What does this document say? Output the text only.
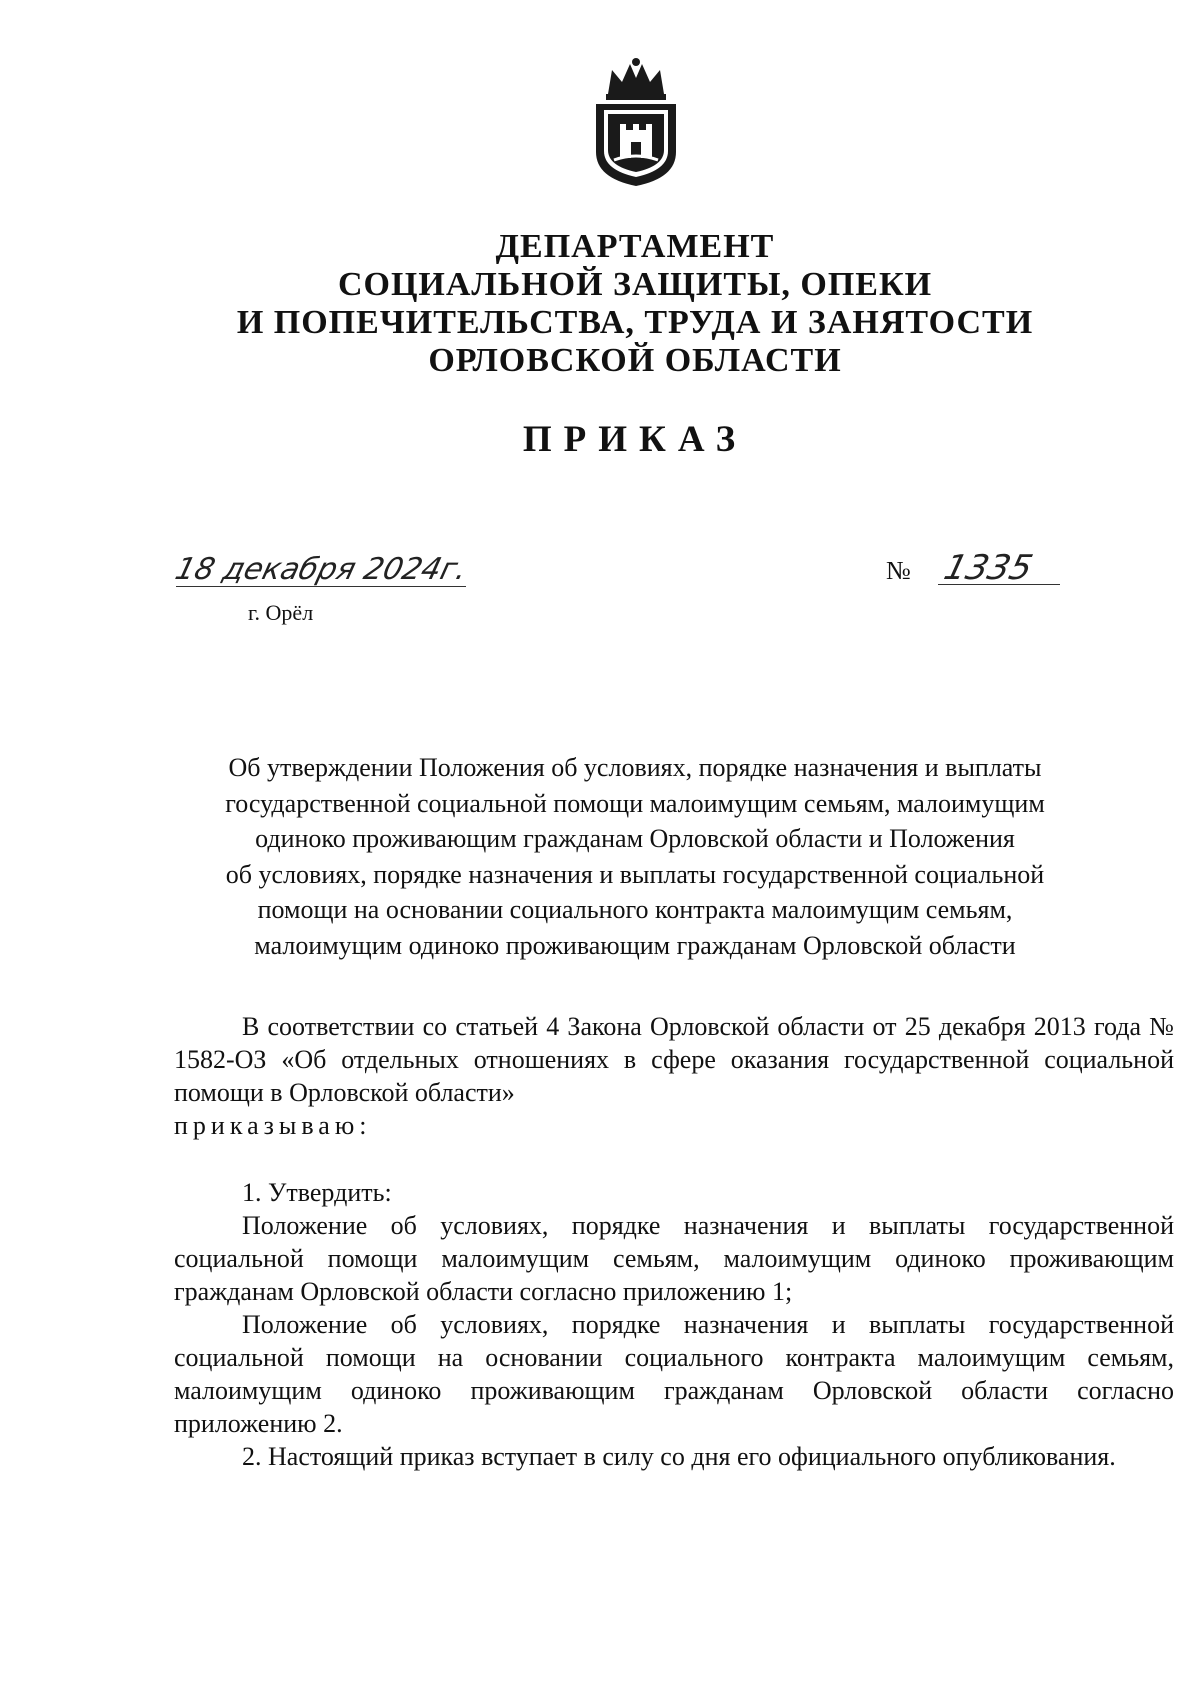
ДЕПАРТАМЕНТ
СОЦИАЛЬНОЙ ЗАЩИТЫ, ОПЕКИ
И ПОПЕЧИТЕЛЬСТВА, ТРУДА И ЗАНЯТОСТИ
ОРЛОВСКОЙ ОБЛАСТИ
ПРИКАЗ
18 декабря 2024г.
г. Орёл
№ 1335
Об утверждении Положения об условиях, порядке назначения и выплаты
государственной социальной помощи малоимущим семьям, малоимущим
одиноко проживающим гражданам Орловской области и Положения
об условиях, порядке назначения и выплаты государственной социальной
помощи на основании социального контракта малоимущим семьям,
малоимущим одиноко проживающим гражданам Орловской области
В соответствии со статьей 4 Закона Орловской области от 25 декабря 2013 года № 1582-ОЗ «Об отдельных отношениях в сфере оказания государственной социальной помощи в Орловской области»
приказываю:
1. Утвердить:
Положение об условиях, порядке назначения и выплаты государственной социальной помощи малоимущим семьям, малоимущим одиноко проживающим гражданам Орловской области согласно приложению 1;
Положение об условиях, порядке назначения и выплаты государственной социальной помощи на основании социального контракта малоимущим семьям, малоимущим одиноко проживающим гражданам Орловской области согласно приложению 2.
2. Настоящий приказ вступает в силу со дня его официального опубликования.
